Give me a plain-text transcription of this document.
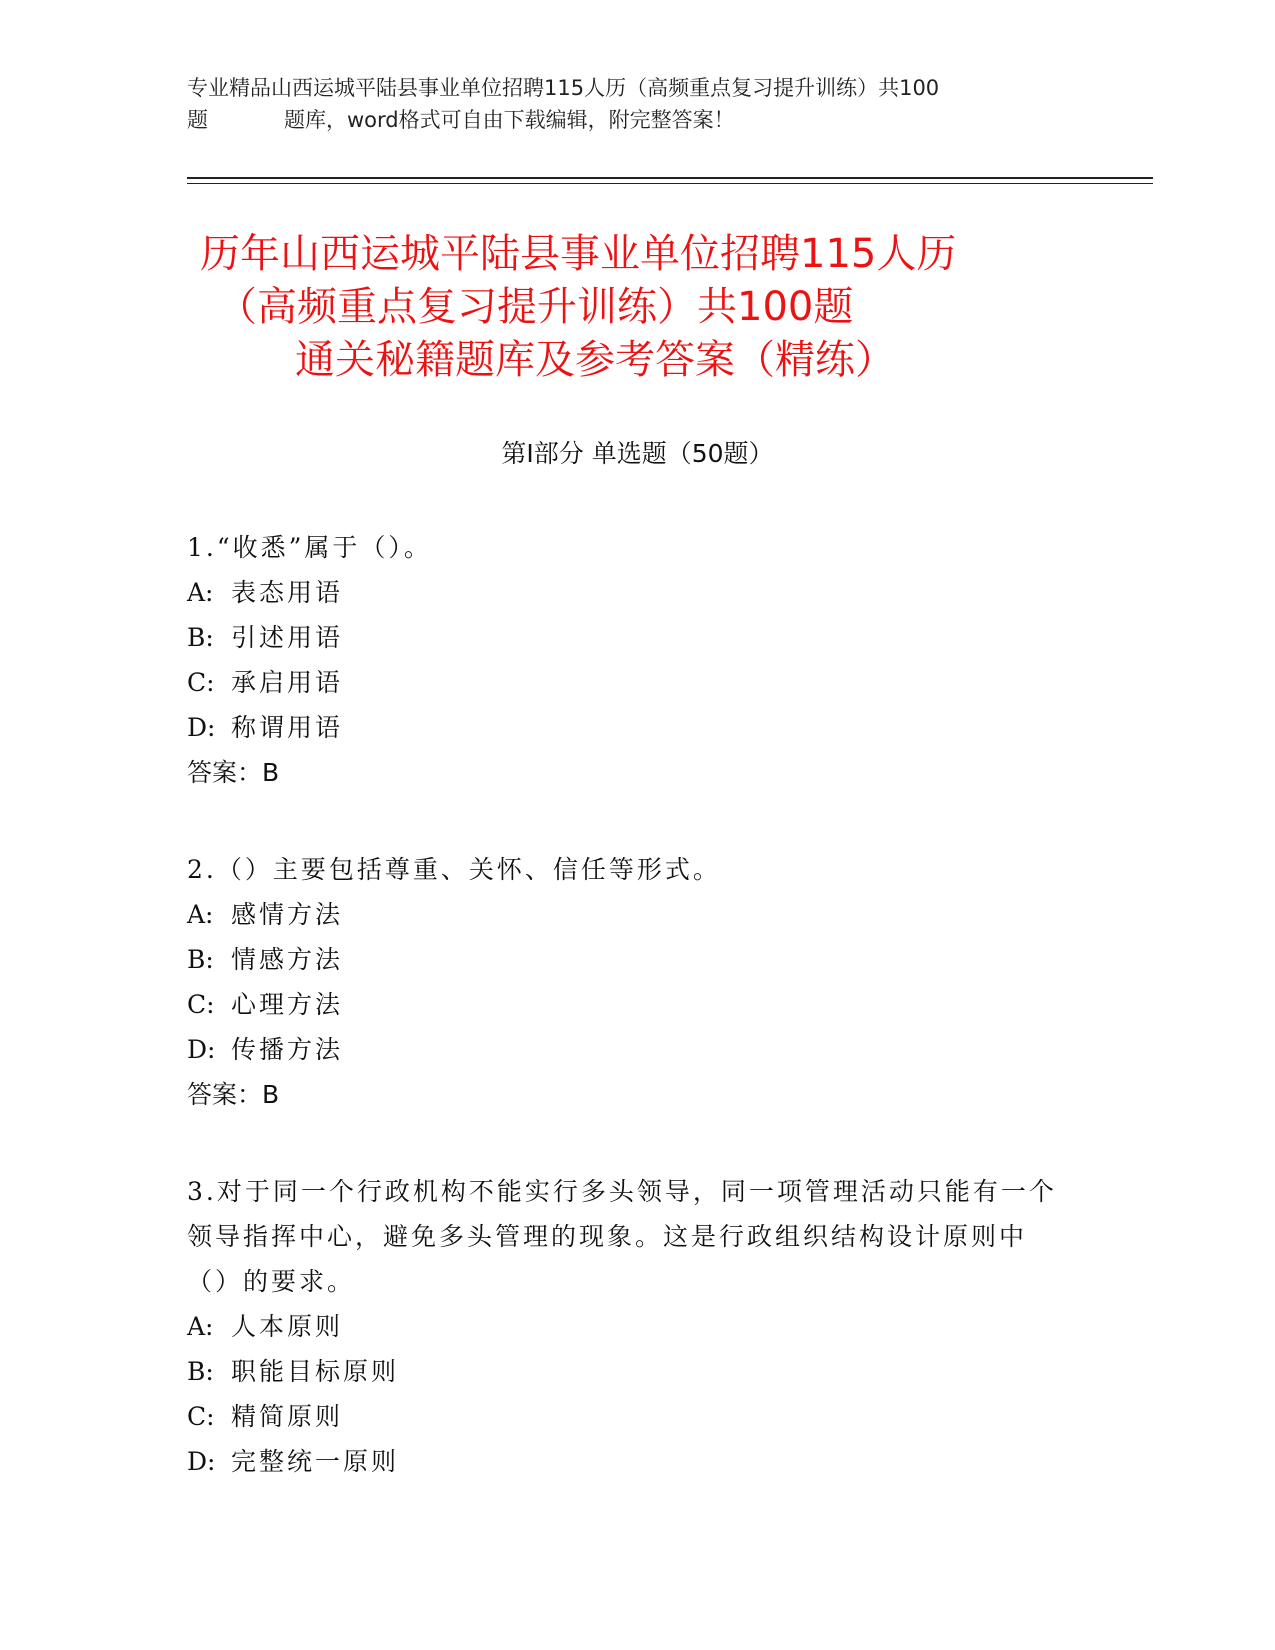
专业精品山西运城平陆县事业单位招聘115人历（高频重点复习提升训练）共100
题	题库，word格式可自由下载编辑，附完整答案！
历年山西运城平陆县事业单位招聘115人历
（高频重点复习提升训练）共100题
通关秘籍题库及参考答案（精练）
第Ⅰ部分 单选题（50题）
1.“收悉”属于（）。
A: 表态用语
B: 引述用语
C: 承启用语
D: 称谓用语
答案：B
2.（）主要包括尊重、关怀、信任等形式。
A: 感情方法
B: 情感方法
C: 心理方法
D: 传播方法
答案：B
3.对于同一个行政机构不能实行多头领导，同一项管理活动只能有一个领导指挥中心，避免多头管理的现象。这是行政组织结构设计原则中（）的要求。
A: 人本原则
B: 职能目标原则
C: 精简原则
D: 完整统一原则
